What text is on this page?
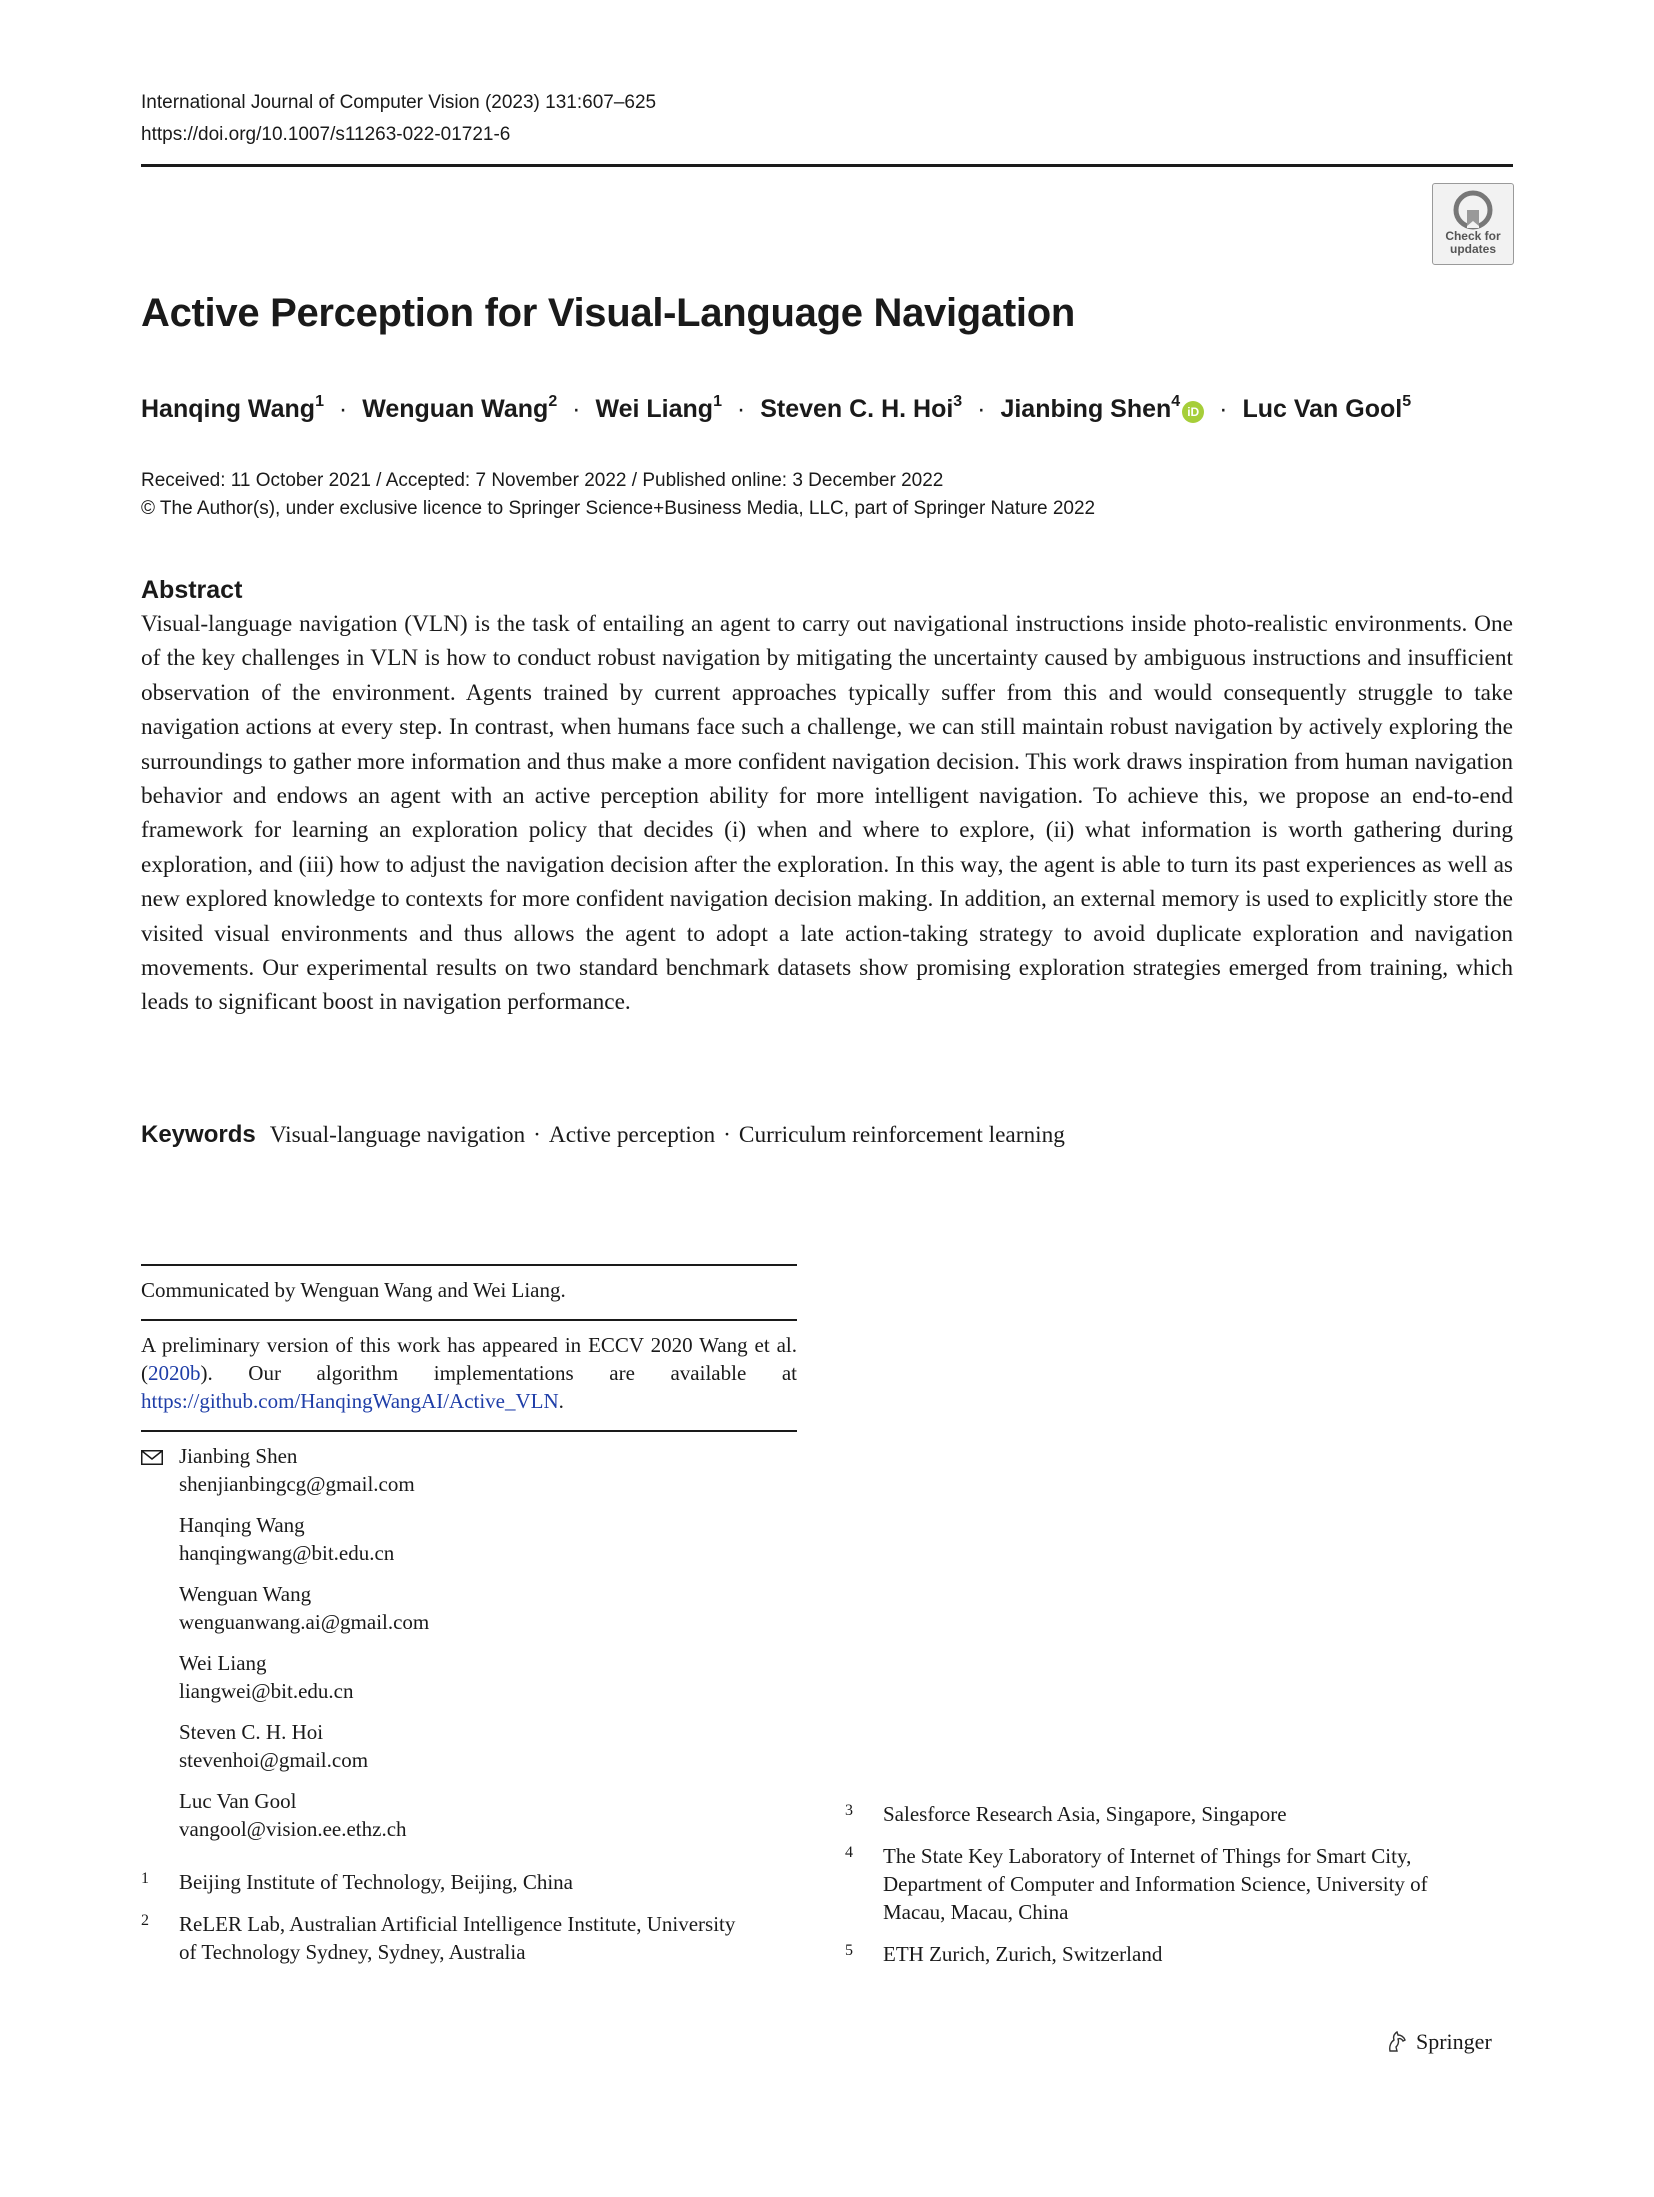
International Journal of Computer Vision (2023) 131:607–625
https://doi.org/10.1007/s11263-022-01721-6
Check for
updates
Active Perception for Visual-Language Navigation
Hanqing Wang$^1$ · Wenguan Wang$^2$ · Wei Liang$^1$ · Steven C. H. Hoi$^3$ · Jianbing Shen$^4$iD · Luc Van Gool$^5$
Received: 11 October 2021 / Accepted: 7 November 2022 / Published online: 3 December 2022
© The Author(s), under exclusive licence to Springer Science+Business Media, LLC, part of Springer Nature 2022
Abstract
Visual-language navigation (VLN) is the task of entailing an agent to carry out navigational instructions inside photo-realistic environments. One of the key challenges in VLN is how to conduct robust navigation by mitigating the uncertainty caused by ambiguous instructions and insufficient observation of the environment. Agents trained by current approaches typically suffer from this and would consequently struggle to take navigation actions at every step. In contrast, when humans face such a challenge, we can still maintain robust navigation by actively exploring the surroundings to gather more information and thus make a more confident navigation decision. This work draws inspiration from human navigation behavior and endows an agent with an active perception ability for more intelligent navigation. To achieve this, we propose an end-to-end framework for learning an exploration policy that decides (i) when and where to explore, (ii) what information is worth gathering during exploration, and (iii) how to adjust the navigation decision after the exploration. In this way, the agent is able to turn its past experiences as well as new explored knowledge to contexts for more confident navigation decision making. In addition, an external memory is used to explicitly store the visited visual environments and thus allows the agent to adopt a late action-taking strategy to avoid duplicate exploration and navigation movements. Our experimental results on two standard benchmark datasets show promising exploration strategies emerged from training, which leads to significant boost in navigation performance.
Keywords Visual-language navigation · Active perception · Curriculum reinforcement learning
Communicated by Wenguan Wang and Wei Liang.
A preliminary version of this work has appeared in ECCV 2020 Wang et al. (2020b). Our algorithm implementations are available at https://github.com/HanqingWangAI/Active_VLN.
Jianbing Shen
shenjianbingcg@gmail.com
Hanqing Wang
hanqingwang@bit.edu.cn
Wenguan Wang
wenguanwang.ai@gmail.com
Wei Liang
liangwei@bit.edu.cn
Steven C. H. Hoi
stevenhoi@gmail.com
Luc Van Gool
vangool@vision.ee.ethz.ch
1 Beijing Institute of Technology, Beijing, China
2 ReLER Lab, Australian Artificial Intelligence Institute, University of Technology Sydney, Sydney, Australia
3 Salesforce Research Asia, Singapore, Singapore
4 The State Key Laboratory of Internet of Things for Smart City, Department of Computer and Information Science, University of Macau, Macau, China
5 ETH Zurich, Zurich, Switzerland
Springer
